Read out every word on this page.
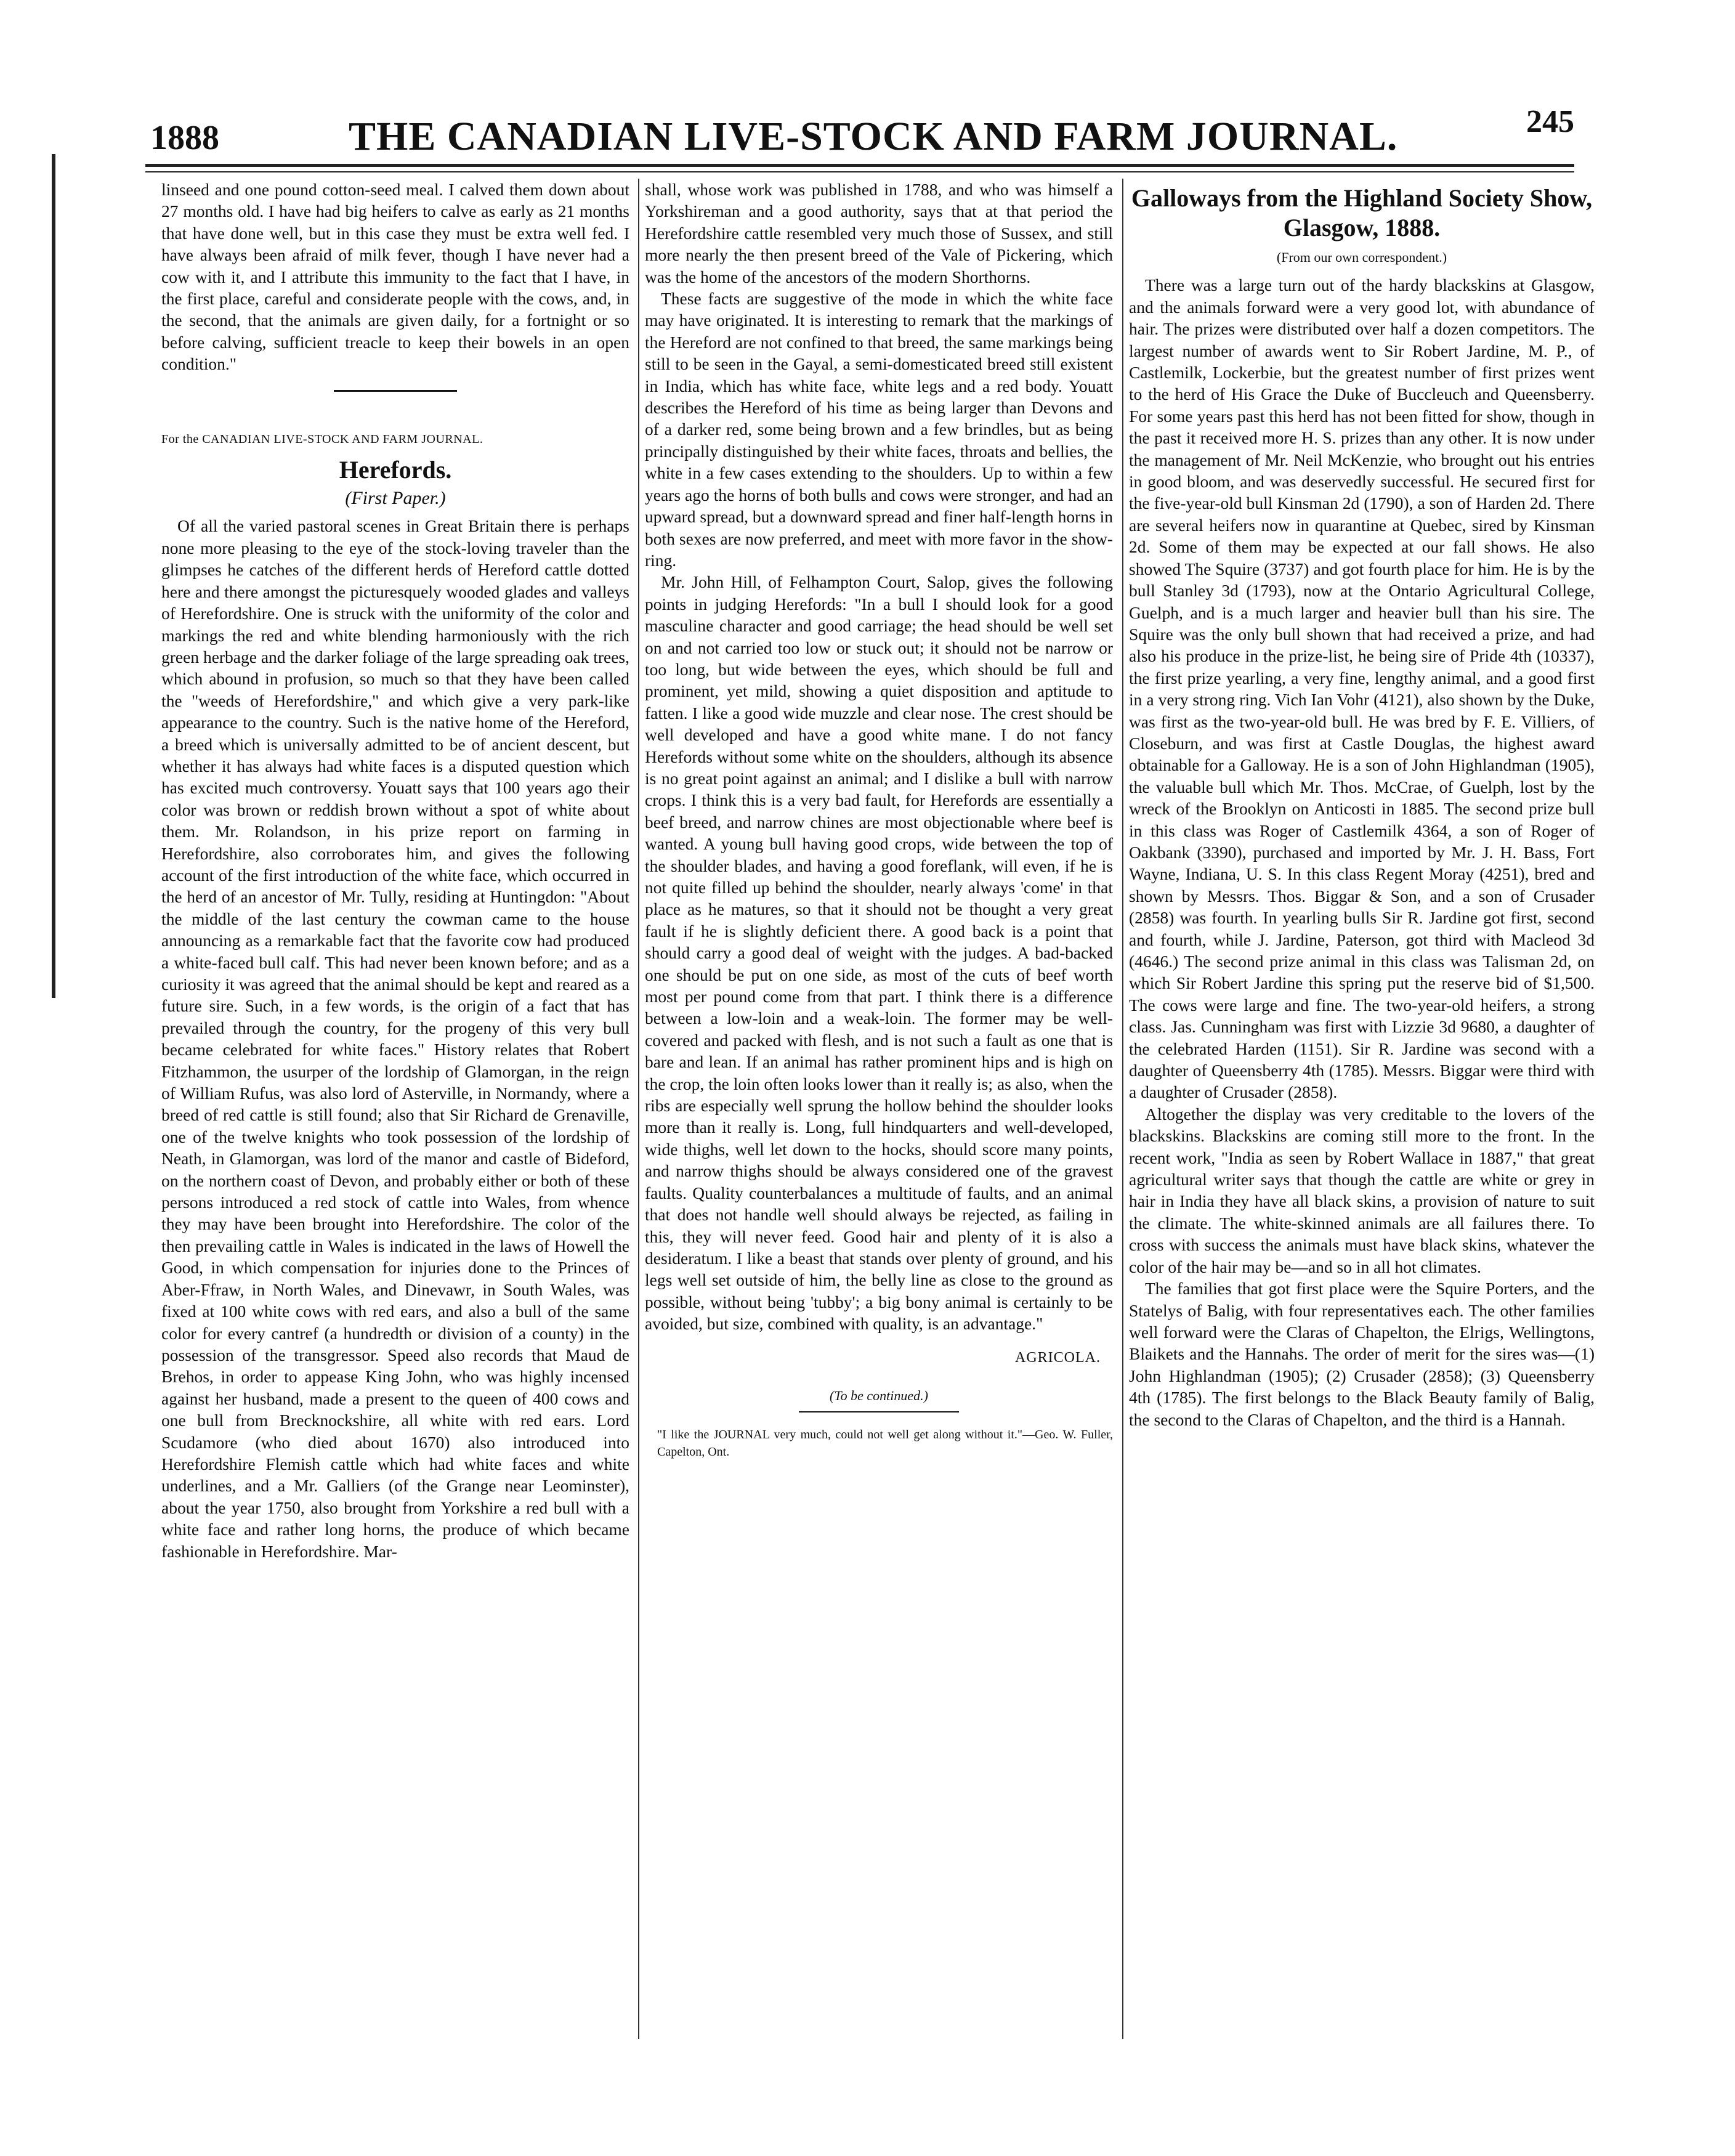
1888	THE CANADIAN LIVE-STOCK AND FARM JOURNAL.	245

linseed and one pound cotton-seed meal. I calved them down about 27 months old. I have had big heifers to calve as early as 21 months that have done well, but in this case they must be extra well fed. I have always been afraid of milk fever, though I have never had a cow with it, and I attribute this immunity to the fact that I have, in the first place, careful and considerate people with the cows, and, in the second, that the animals are given daily, for a fortnight or so before calving, sufficient treacle to keep their bowels in an open condition."

For the CANADIAN LIVE-STOCK AND FARM JOURNAL.

Herefords.

(First Paper.)

Of all the varied pastoral scenes in Great Britain there is perhaps none more pleasing to the eye of the stock-loving traveler than the glimpses he catches of the different herds of Hereford cattle dotted here and there amongst the picturesquely wooded glades and valleys of Herefordshire. One is struck with the uniformity of the color and markings the red and white blending harmoniously with the rich green herbage and the darker foliage of the large spreading oak trees, which abound in profusion, so much so that they have been called the "weeds of Herefordshire," and which give a very park-like appearance to the country. Such is the native home of the Hereford, a breed which is universally admitted to be of ancient descent, but whether it has always had white faces is a disputed question which has excited much controversy. Youatt says that 100 years ago their color was brown or reddish brown without a spot of white about them. Mr. Rolandson, in his prize report on farming in Herefordshire, also corroborates him, and gives the following account of the first introduction of the white face, which occurred in the herd of an ancestor of Mr. Tully, residing at Huntingdon: "About the middle of the last century the cowman came to the house announcing as a remarkable fact that the favorite cow had produced a white-faced bull calf. This had never been known before; and as a curiosity it was agreed that the animal should be kept and reared as a future sire. Such, in a few words, is the origin of a fact that has prevailed through the country, for the progeny of this very bull became celebrated for white faces." History relates that Robert Fitzhammon, the usurper of the lordship of Glamorgan, in the reign of William Rufus, was also lord of Asterville, in Normandy, where a breed of red cattle is still found; also that Sir Richard de Grenaville, one of the twelve knights who took possession of the lordship of Neath, in Glamorgan, was lord of the manor and castle of Bideford, on the northern coast of Devon, and probably either or both of these persons introduced a red stock of cattle into Wales, from whence they may have been brought into Herefordshire. The color of the then prevailing cattle in Wales is indicated in the laws of Howell the Good, in which compensation for injuries done to the Princes of Aber-Ffraw, in North Wales, and Dinevawr, in South Wales, was fixed at 100 white cows with red ears, and also a bull of the same color for every cantref (a hundredth or division of a county) in the possession of the transgressor. Speed also records that Maud de Brehos, in order to appease King John, who was highly incensed against her husband, made a present to the queen of 400 cows and one bull from Brecknockshire, all white with red ears. Lord Scudamore (who died about 1670) also introduced into Herefordshire Flemish cattle which had white faces and white underlines, and a Mr. Galliers (of the Grange near Leominster), about the year 1750, also brought from Yorkshire a red bull with a white face and rather long horns, the produce of which became fashionable in Herefordshire. Mar-

shall, whose work was published in 1788, and who was himself a Yorkshireman and a good authority, says that at that period the Herefordshire cattle resembled very much those of Sussex, and still more nearly the then present breed of the Vale of Pickering, which was the home of the ancestors of the modern Shorthorns.

These facts are suggestive of the mode in which the white face may have originated. It is interesting to remark that the markings of the Hereford are not confined to that breed, the same markings being still to be seen in the Gayal, a semi-domesticated breed still existent in India, which has white face, white legs and a red body. Youatt describes the Hereford of his time as being larger than Devons and of a darker red, some being brown and a few brindles, but as being principally distinguished by their white faces, throats and bellies, the white in a few cases extending to the shoulders. Up to within a few years ago the horns of both bulls and cows were stronger, and had an upward spread, but a downward spread and finer half-length horns in both sexes are now preferred, and meet with more favor in the show-ring.

Mr. John Hill, of Felhampton Court, Salop, gives the following points in judging Herefords: "In a bull I should look for a good masculine character and good carriage; the head should be well set on and not carried too low or stuck out; it should not be narrow or too long, but wide between the eyes, which should be full and prominent, yet mild, showing a quiet disposition and aptitude to fatten. I like a good wide muzzle and clear nose. The crest should be well developed and have a good white mane. I do not fancy Herefords without some white on the shoulders, although its absence is no great point against an animal; and I dislike a bull with narrow crops. I think this is a very bad fault, for Herefords are essentially a beef breed, and narrow chines are most objectionable where beef is wanted. A young bull having good crops, wide between the top of the shoulder blades, and having a good foreflank, will even, if he is not quite filled up behind the shoulder, nearly always 'come' in that place as he matures, so that it should not be thought a very great fault if he is slightly deficient there. A good back is a point that should carry a good deal of weight with the judges. A bad-backed one should be put on one side, as most of the cuts of beef worth most per pound come from that part. I think there is a difference between a low-loin and a weak-loin. The former may be well-covered and packed with flesh, and is not such a fault as one that is bare and lean. If an animal has rather prominent hips and is high on the crop, the loin often looks lower than it really is; as also, when the ribs are especially well sprung the hollow behind the shoulder looks more than it really is. Long, full hindquarters and well-developed, wide thighs, well let down to the hocks, should score many points, and narrow thighs should be always considered one of the gravest faults. Quality counterbalances a multitude of faults, and an animal that does not handle well should always be rejected, as failing in this, they will never feed. Good hair and plenty of it is also a desideratum. I like a beast that stands over plenty of ground, and his legs well set outside of him, the belly line as close to the ground as possible, without being 'tubby'; a big bony animal is certainly to be avoided, but size, combined with quality, is an advantage."

AGRICOLA.

(To be continued.)

"I like the JOURNAL very much, could not well get along without it."—Geo. W. Fuller, Capelton, Ont.

Galloways from the Highland Society Show, Glasgow, 1888.

(From our own correspondent.)

There was a large turn out of the hardy blackskins at Glasgow, and the animals forward were a very good lot, with abundance of hair. The prizes were distributed over half a dozen competitors. The largest number of awards went to Sir Robert Jardine, M. P., of Castlemilk, Lockerbie, but the greatest number of first prizes went to the herd of His Grace the Duke of Buccleuch and Queensberry. For some years past this herd has not been fitted for show, though in the past it received more H. S. prizes than any other. It is now under the management of Mr. Neil McKenzie, who brought out his entries in good bloom, and was deservedly successful. He secured first for the five-year-old bull Kinsman 2d (1790), a son of Harden 2d. There are several heifers now in quarantine at Quebec, sired by Kinsman 2d. Some of them may be expected at our fall shows. He also showed The Squire (3737) and got fourth place for him. He is by the bull Stanley 3d (1793), now at the Ontario Agricultural College, Guelph, and is a much larger and heavier bull than his sire. The Squire was the only bull shown that had received a prize, and had also his produce in the prize-list, he being sire of Pride 4th (10337), the first prize yearling, a very fine, lengthy animal, and a good first in a very strong ring. Vich Ian Vohr (4121), also shown by the Duke, was first as the two-year-old bull. He was bred by F. E. Villiers, of Closeburn, and was first at Castle Douglas, the highest award obtainable for a Galloway. He is a son of John Highlandman (1905), the valuable bull which Mr. Thos. McCrae, of Guelph, lost by the wreck of the Brooklyn on Anticosti in 1885. The second prize bull in this class was Roger of Castlemilk 4364, a son of Roger of Oakbank (3390), purchased and imported by Mr. J. H. Bass, Fort Wayne, Indiana, U. S. In this class Regent Moray (4251), bred and shown by Messrs. Thos. Biggar & Son, and a son of Crusader (2858) was fourth. In yearling bulls Sir R. Jardine got first, second and fourth, while J. Jardine, Paterson, got third with Macleod 3d (4646.) The second prize animal in this class was Talisman 2d, on which Sir Robert Jardine this spring put the reserve bid of $1,500. The cows were large and fine. The two-year-old heifers, a strong class. Jas. Cunningham was first with Lizzie 3d 9680, a daughter of the celebrated Harden (1151). Sir R. Jardine was second with a daughter of Queensberry 4th (1785). Messrs. Biggar were third with a daughter of Crusader (2858).

Altogether the display was very creditable to the lovers of the blackskins. Blackskins are coming still more to the front. In the recent work, "India as seen by Robert Wallace in 1887," that great agricultural writer says that though the cattle are white or grey in hair in India they have all black skins, a provision of nature to suit the climate. The white-skinned animals are all failures there. To cross with success the animals must have black skins, whatever the color of the hair may be—and so in all hot climates.

The families that got first place were the Squire Porters, and the Statelys of Balig, with four representatives each. The other families well forward were the Claras of Chapelton, the Elrigs, Wellingtons, Blaikets and the Hannahs. The order of merit for the sires was—(1) John Highlandman (1905); (2) Crusader (2858); (3) Queensberry 4th (1785). The first belongs to the Black Beauty family of Balig, the second to the Claras of Chapelton, and the third is a Hannah.
